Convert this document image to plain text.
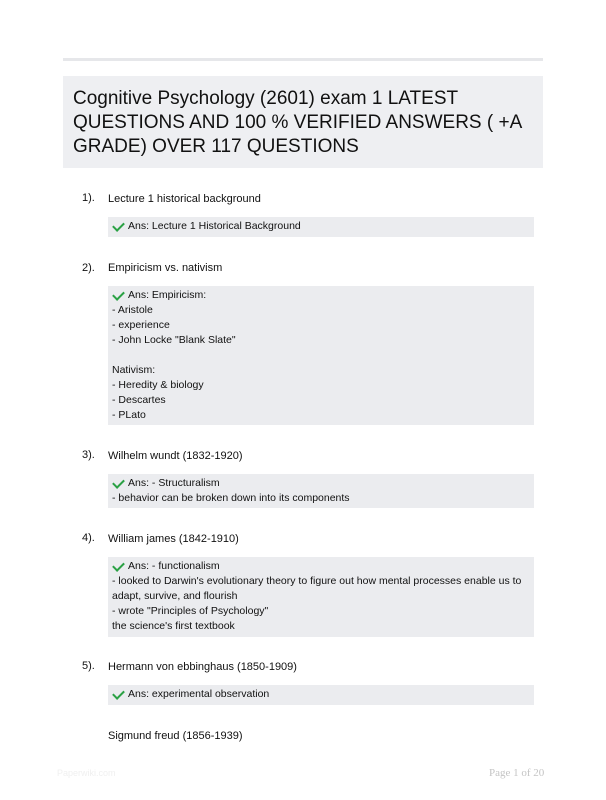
Cognitive Psychology (2601) exam 1 LATEST QUESTIONS AND 100 % VERIFIED ANSWERS ( +A GRADE) OVER 117 QUESTIONS
1). Lecture 1 historical background
Ans: Lecture 1 Historical Background
2). Empiricism vs. nativism
Ans: Empiricism:
- Aristole
- experience
- John Locke "Blank Slate"
Nativism:
- Heredity & biology
- Descartes
- PLato
3). Wilhelm wundt (1832-1920)
Ans: - Structuralism
- behavior can be broken down into its components
4). William james (1842-1910)
Ans: - functionalism
- looked to Darwin's evolutionary theory to figure out how mental processes enable us to
adapt, survive, and flourish
- wrote "Principles of Psychology"
the science's first textbook
5). Hermann von ebbinghaus (1850-1909)
Ans: experimental observation
Sigmund freud (1856-1939)
Paperwiki.com	Page 1 of 20
